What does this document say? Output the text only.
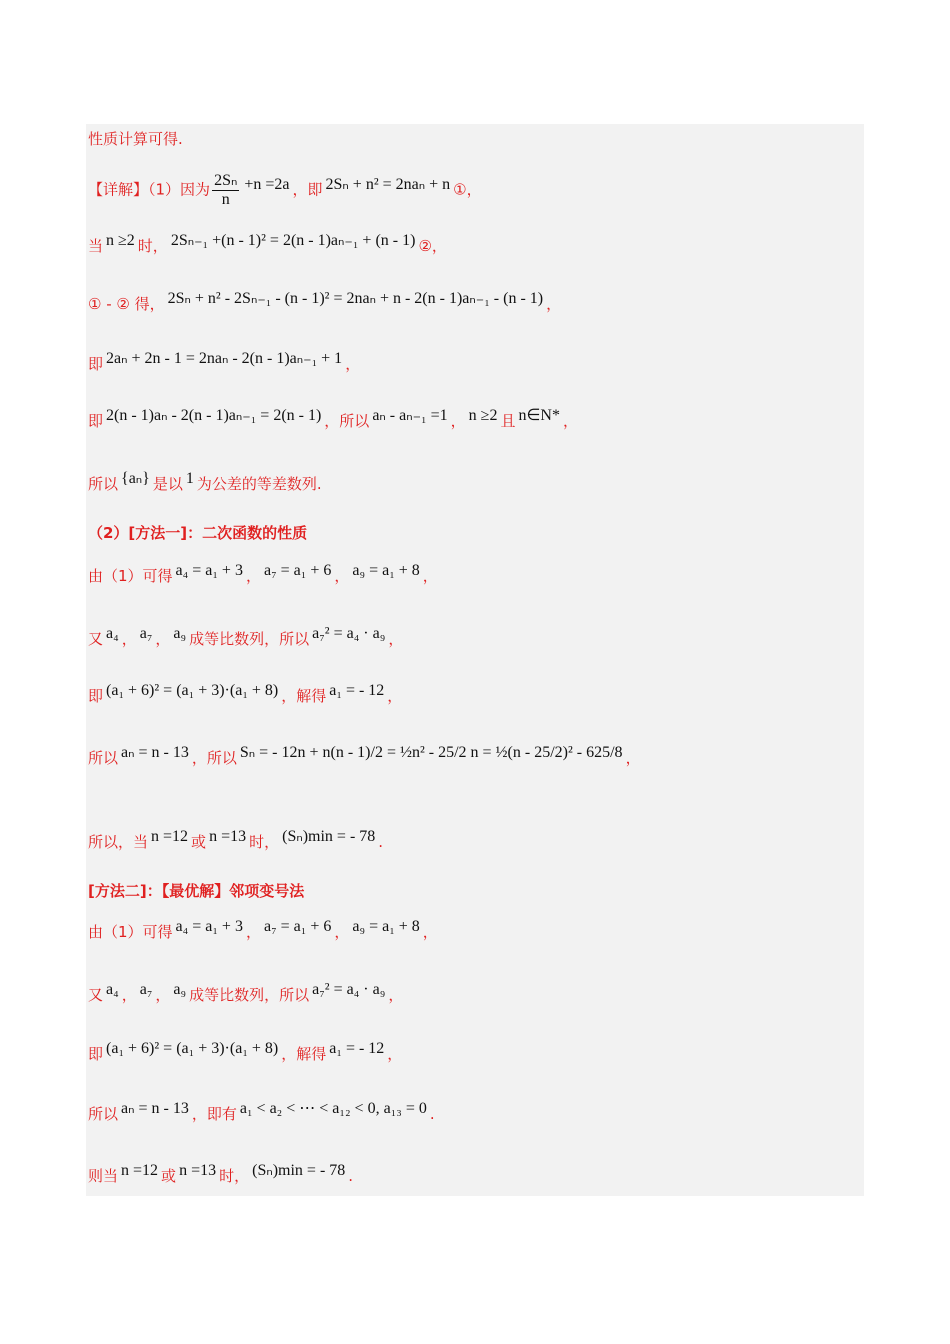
性质计算可得.
【详解】（1）因为 $\frac{\text{2Sₙ}}{n} +n =2a$ ，即 2Sₙ + n² = 2naₙ + n ①，
当 n ≥2 时， 2Sₙ₋₁ +(n - 1)² = 2(n - 1)aₙ₋₁ + (n - 1) ②，
① - ② 得， 2Sₙ + n² - 2Sₙ₋₁ - (n - 1)² = 2naₙ + n - 2(n - 1)aₙ₋₁ - (n - 1) ，
即 2aₙ + 2n - 1 = 2naₙ - 2(n - 1)aₙ₋₁ + 1 ，
即 2(n - 1)aₙ - 2(n - 1)aₙ₋₁ = 2(n - 1) ，所以 aₙ - aₙ₋₁ =1 ， n ≥2 且 n∈N* ，
所以 {aₙ} 是以 1 为公差的等差数列.
（2）[方法一]：二次函数的性质
由（1）可得 a₄ = a₁ + 3 ， a₇ = a₁ + 6 ， a₉ = a₁ + 8 ，
又 a₄ ， a₇ ， a₉ 成等比数列，所以 a₇² = a₄ · a₉ ，
即 (a₁ + 6)² = (a₁ + 3)·(a₁ + 8) ，解得 a₁ = - 12 ，
所以 aₙ = n - 13 ，所以 Sₙ = - 12n + n(n - 1)/2 = ½n² - 25/2 n = ½(n - 25/2)² - 625/8 ，
所以，当 n =12 或 n =13 时， (Sₙ)min = - 78 .
[方法二]：【最优解】邻项变号法
由（1）可得 a₄ = a₁ + 3 ， a₇ = a₁ + 6 ， a₉ = a₁ + 8 ，
又 a₄ ， a₇ ， a₉ 成等比数列，所以 a₇² = a₄ · a₉ ，
即 (a₁ + 6)² = (a₁ + 3)·(a₁ + 8) ，解得 a₁ = - 12 ，
所以 aₙ = n - 13 ，即有 a₁ < a₂ < ⋯ < a₁₂ < 0, a₁₃ = 0 .
则当 n =12 或 n =13 时， (Sₙ)min = - 78 .
